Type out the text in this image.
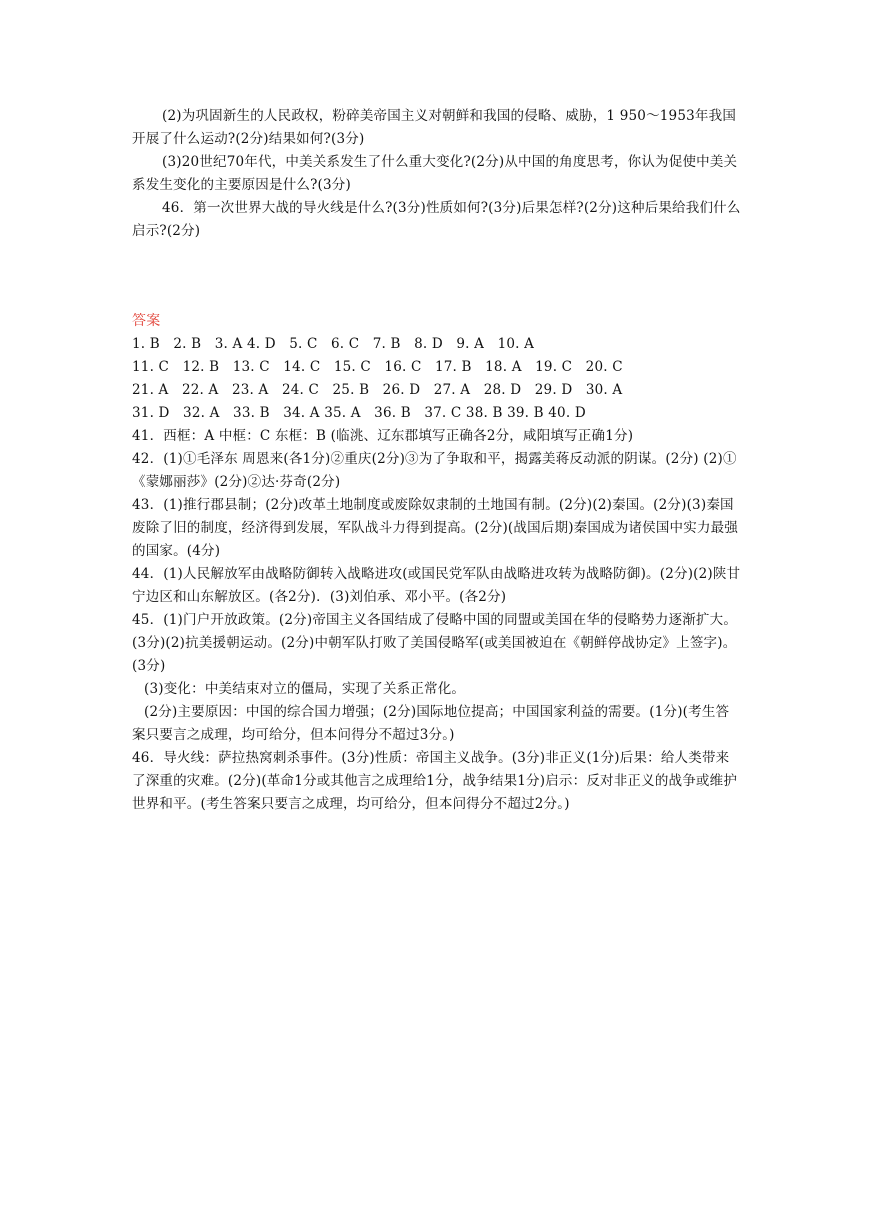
(2)为巩固新生的人民政权，粉碎美帝国主义对朝鲜和我国的侵略、威胁，1 950～1953年我国开展了什么运动?(2分)结果如何?(3分)

(3)20世纪70年代，中美关系发生了什么重大变化?(2分)从中国的角度思考，你认为促使中美关系发生变化的主要原因是什么?(3分)

46．第一次世界大战的导火线是什么?(3分)性质如何?(3分)后果怎样?(2分)这种后果给我们什么启示?(2分)

答案

1. B   2. B   3. A 4. D   5. C   6. C   7. B   8. D   9. A   10. A

11. C   12. B   13. C   14. C   15. C   16. C   17. B   18. A   19. C   20. C

21. A   22. A   23. A   24. C   25. B   26. D   27. A   28. D   29. D   30. A

31. D   32. A   33. B   34. A 35. A   36. B   37. C 38. B 39. B 40. D

41．西框：A 中框：C 东框：B (临洮、辽东郡填写正确各2分，咸阳填写正确1分)

42．(1)①毛泽东 周恩来(各1分)②重庆(2分)③为了争取和平，揭露美蒋反动派的阴谋。(2分) (2)①《蒙娜丽莎》(2分)②达·芬奇(2分)

43．(1)推行郡县制；(2分)改革土地制度或废除奴隶制的土地国有制。(2分)(2)秦国。(2分)(3)秦国废除了旧的制度，经济得到发展，军队战斗力得到提高。(2分)(战国后期)秦国成为诸侯国中实力最强的国家。(4分)

44．(1)人民解放军由战略防御转入战略进攻(或国民党军队由战略进攻转为战略防御)。(2分)(2)陕甘宁边区和山东解放区。(各2分)．(3)刘伯承、邓小平。(各2分)

45．(1)门户开放政策。(2分)帝国主义各国结成了侵略中国的同盟或美国在华的侵略势力逐渐扩大。(3分)(2)抗美援朝运动。(2分)中朝军队打败了美国侵略军(或美国被迫在《朝鲜停战协定》上签字)。(3分)

(3)变化：中美结束对立的僵局，实现了关系正常化。

(2分)主要原因：中国的综合国力增强；(2分)国际地位提高；中国国家利益的需要。(1分)(考生答案只要言之成理，均可给分，但本问得分不超过3分。)

46．导火线：萨拉热窝刺杀事件。(3分)性质：帝国主义战争。(3分)非正义(1分)后果：给人类带来了深重的灾难。(2分)(革命1分或其他言之成理给1分，战争结果1分)启示：反对非正义的战争或维护世界和平。(考生答案只要言之成理，均可给分，但本问得分不超过2分。)
